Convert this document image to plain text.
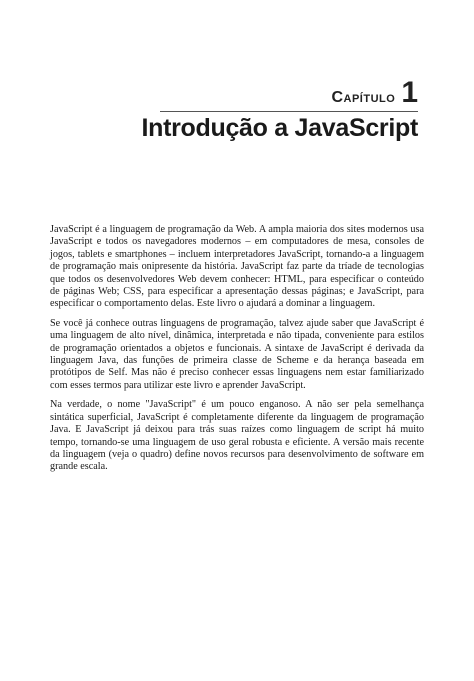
Capítulo 1
Introdução a JavaScript

JavaScript é a linguagem de programação da Web. A ampla maioria dos sites modernos usa JavaScript e todos os navegadores modernos – em computadores de mesa, consoles de jogos, tablets e smartphones – incluem interpretadores JavaScript, tornando-a a linguagem de programação mais onipresente da história. JavaScript faz parte da tríade de tecnologias que todos os desenvolvedores Web devem conhecer: HTML, para especificar o conteúdo de páginas Web; CSS, para especificar a apresentação dessas páginas; e JavaScript, para especificar o comportamento delas. Este livro o ajudará a dominar a linguagem.

Se você já conhece outras linguagens de programação, talvez ajude saber que JavaScript é uma linguagem de alto nível, dinâmica, interpretada e não tipada, conveniente para estilos de programação orientados a objetos e funcionais. A sintaxe de JavaScript é derivada da linguagem Java, das funções de primeira classe de Scheme e da herança baseada em protótipos de Self. Mas não é preciso conhecer essas linguagens nem estar familiarizado com esses termos para utilizar este livro e aprender JavaScript.

Na verdade, o nome "JavaScript" é um pouco enganoso. A não ser pela semelhança sintática superficial, JavaScript é completamente diferente da linguagem de programação Java. E JavaScript já deixou para trás suas raízes como linguagem de script há muito tempo, tornando-se uma linguagem de uso geral robusta e eficiente. A versão mais recente da linguagem (veja o quadro) define novos recursos para desenvolvimento de software em grande escala.
